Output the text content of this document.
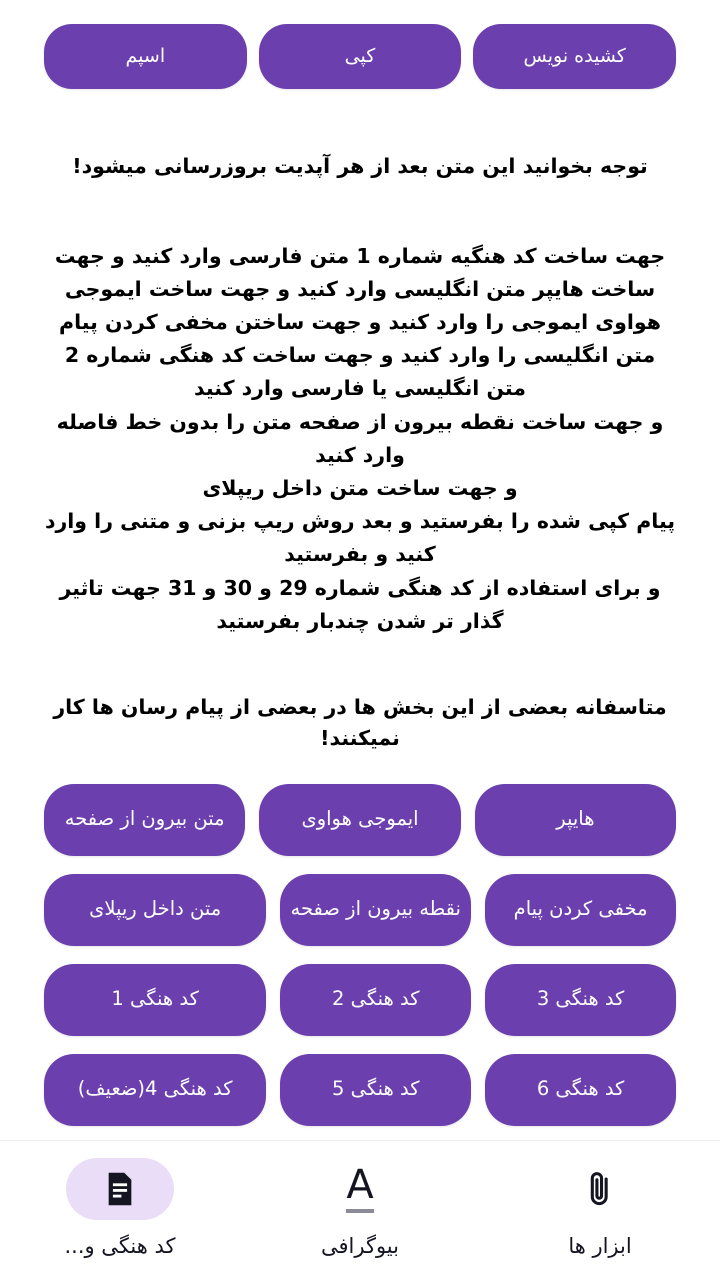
کشیده نویس
کپی
اسپم
توجه بخوانید این متن بعد از هر آپدیت بروزرسانی میشود!

جهت ساخت کد هنگیه شماره 1 متن فارسی وارد کنید و جهت ساخت هایپر متن انگلیسی وارد کنید و جهت ساخت ایموجی هواوی ایموجی را وارد کنید و جهت ساختن مخفی کردن پیام متن انگلیسی را وارد کنید و جهت ساخت کد هنگی شماره 2 متن انگلیسی یا فارسی وارد کنید

و جهت ساخت نقطه بیرون از صفحه متن را بدون خط فاصله وارد کنید

و جهت ساخت متن داخل ریپلای

پیام کپی شده را بفرستید و بعد روش ریپ بزنی و متنی را وارد کنید و بفرستید

و برای استفاده از کد هنگی شماره 29 و 30 و 31 جهت تاثیر گذار تر شدن چندبار بفرستید

متاسفانه بعضی از این بخش ها در بعضی از پیام رسان ها کار نمیکنند!
هایپر
ایموجی هواوی
متن بیرون از صفحه
مخفی کردن پیام
نقطه بیرون از صفحه
متن داخل ریپلای
کد هنگی 3
کد هنگی 2
کد هنگی 1
کد هنگی 6
کد هنگی 5
کد هنگی 4(ضعیف)
کد هنگی و...
A
بیوگرافی	ابزار ها
